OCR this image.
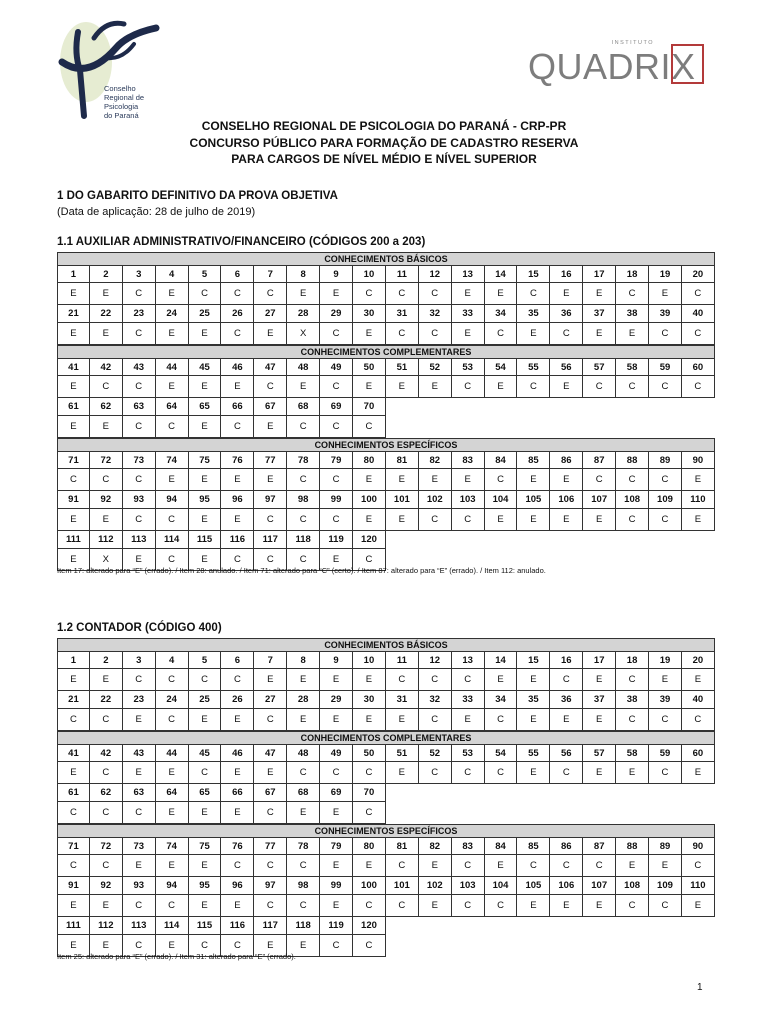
Conselho
Regional de
Psicologia
do Paraná
INSTITUTO
QUADRIX
CONSELHO REGIONAL DE PSICOLOGIA DO PARANÁ - CRP-PR
CONCURSO PÚBLICO PARA FORMAÇÃO DE CADASTRO RESERVA
PARA CARGOS DE NÍVEL MÉDIO E NÍVEL SUPERIOR
1 DO GABARITO DEFINITIVO DA PROVA OBJETIVA
(Data de aplicação: 28 de julho de 2019)
1.1 AUXILIAR ADMINISTRATIVO/FINANCEIRO (CÓDIGOS 200 a 203)
CONHECIMENTOS BÁSICOS
1	2	3	4	5	6	7	8	9	10	11	12	13	14	15	16	17	18	19	20
E	E	C	E	C	C	C	E	E	C	C	C	E	E	C	E	E	C	E	C
21	22	23	24	25	26	27	28	29	30	31	32	33	34	35	36	37	38	39	40
E	E	C	E	E	C	E	X	C	E	C	C	E	C	E	C	E	E	C	C
CONHECIMENTOS COMPLEMENTARES
41	42	43	44	45	46	47	48	49	50	51	52	53	54	55	56	57	58	59	60
E	C	C	E	E	E	C	E	C	E	E	E	C	E	C	E	C	C	C	C
61	62	63	64	65	66	67	68	69	70
E	E	C	C	E	C	E	C	C	C
CONHECIMENTOS ESPECÍFICOS
71	72	73	74	75	76	77	78	79	80	81	82	83	84	85	86	87	88	89	90
C	C	C	E	E	E	E	C	C	E	E	E	E	C	E	E	C	C	C	E
91	92	93	94	95	96	97	98	99	100	101	102	103	104	105	106	107	108	109	110
E	E	C	C	E	E	C	C	C	E	E	C	C	E	E	E	E	C	C	E
111	112	113	114	115	116	117	118	119	120
E	X	E	C	E	C	C	C	E	C
Item 17: alterado para “E” (errado). / Item 28: anulado. / Item 71: alterado para “C” (certo). / Item 87: alterado para “E” (errado). / Item 112: anulado.
1.2 CONTADOR (CÓDIGO 400)
CONHECIMENTOS BÁSICOS
1	2	3	4	5	6	7	8	9	10	11	12	13	14	15	16	17	18	19	20
E	E	C	C	C	C	E	E	E	E	C	C	C	E	E	C	E	C	E	E
21	22	23	24	25	26	27	28	29	30	31	32	33	34	35	36	37	38	39	40
C	C	E	C	E	E	C	E	E	E	E	C	E	C	E	E	E	C	C	C
CONHECIMENTOS COMPLEMENTARES
41	42	43	44	45	46	47	48	49	50	51	52	53	54	55	56	57	58	59	60
E	C	E	E	C	E	E	C	C	C	E	C	C	C	E	C	E	E	C	E
61	62	63	64	65	66	67	68	69	70
C	C	C	E	E	E	C	E	E	C
CONHECIMENTOS ESPECÍFICOS
71	72	73	74	75	76	77	78	79	80	81	82	83	84	85	86	87	88	89	90
C	C	E	E	E	C	C	C	E	E	C	E	C	E	C	C	C	E	E	C
91	92	93	94	95	96	97	98	99	100	101	102	103	104	105	106	107	108	109	110
E	E	C	C	E	E	C	C	E	C	C	E	C	C	E	E	E	C	C	E
111	112	113	114	115	116	117	118	119	120
E	E	C	E	C	C	E	E	C	C
Item 25: alterado para “E” (errado). / Item 31: alterado para “E” (errado).
1
